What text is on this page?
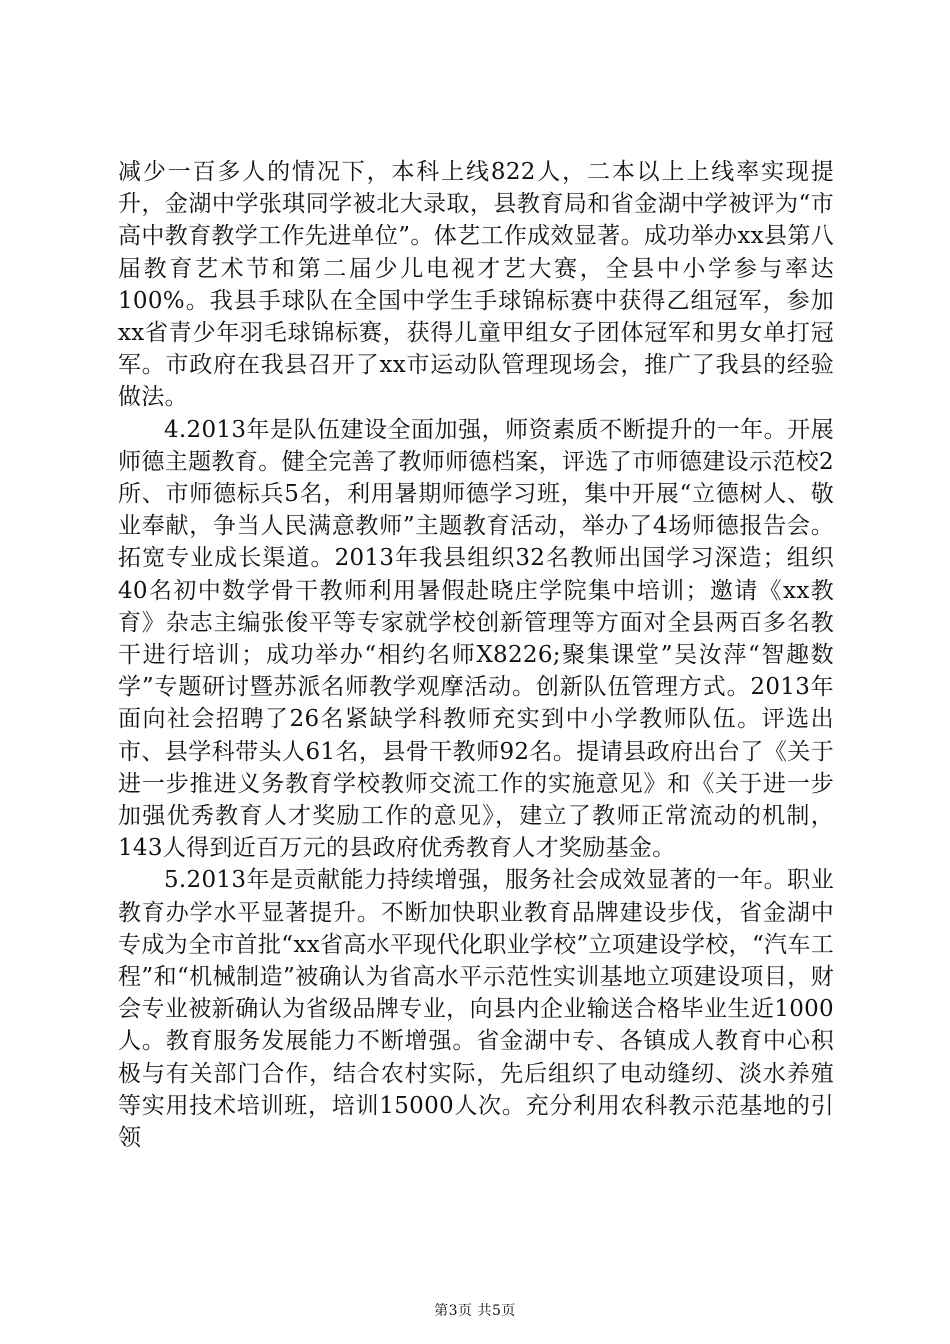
减少一百多人的情况下，本科上线822人，二本以上上线率实现提升，金湖中学张琪同学被北大录取，县教育局和省金湖中学被评为“市高中教育教学工作先进单位”。体艺工作成效显著。成功举办xx县第八届教育艺术节和第二届少儿电视才艺大赛，全县中小学参与率达100%。我县手球队在全国中学生手球锦标赛中获得乙组冠军，参加xx省青少年羽毛球锦标赛，获得儿童甲组女子团体冠军和男女单打冠军。市政府在我县召开了xx市运动队管理现场会，推广了我县的经验做法。

4.2013年是队伍建设全面加强，师资素质不断提升的一年。开展师德主题教育。健全完善了教师师德档案，评选了市师德建设示范校2所、市师德标兵5名，利用暑期师德学习班，集中开展“立德树人、敬业奉献，争当人民满意教师”主题教育活动，举办了4场师德报告会。拓宽专业成长渠道。2013年我县组织32名教师出国学习深造；组织40名初中数学骨干教师利用暑假赴晓庄学院集中培训；邀请《xx教育》杂志主编张俊平等专家就学校创新管理等方面对全县两百多名教干进行培训；成功举办“相约名师X8226;聚集课堂”吴汝萍“智趣数学”专题研讨暨苏派名师教学观摩活动。创新队伍管理方式。2013年面向社会招聘了26名紧缺学科教师充实到中小学教师队伍。评选出市、县学科带头人61名，县骨干教师92名。提请县政府出台了《关于进一步推进义务教育学校教师交流工作的实施意见》和《关于进一步加强优秀教育人才奖励工作的意见》，建立了教师正常流动的机制，143人得到近百万元的县政府优秀教育人才奖励基金。

5.2013年是贡献能力持续增强，服务社会成效显著的一年。职业教育办学水平显著提升。不断加快职业教育品牌建设步伐，省金湖中专成为全市首批“xx省高水平现代化职业学校”立项建设学校，“汽车工程”和“机械制造”被确认为省高水平示范性实训基地立项建设项目，财会专业被新确认为省级品牌专业，向县内企业输送合格毕业生近1000人。教育服务发展能力不断增强。省金湖中专、各镇成人教育中心积极与有关部门合作，结合农村实际，先后组织了电动缝纫、淡水养殖等实用技术培训班，培训15000人次。充分利用农科教示范基地的引领

第3页 共5页
